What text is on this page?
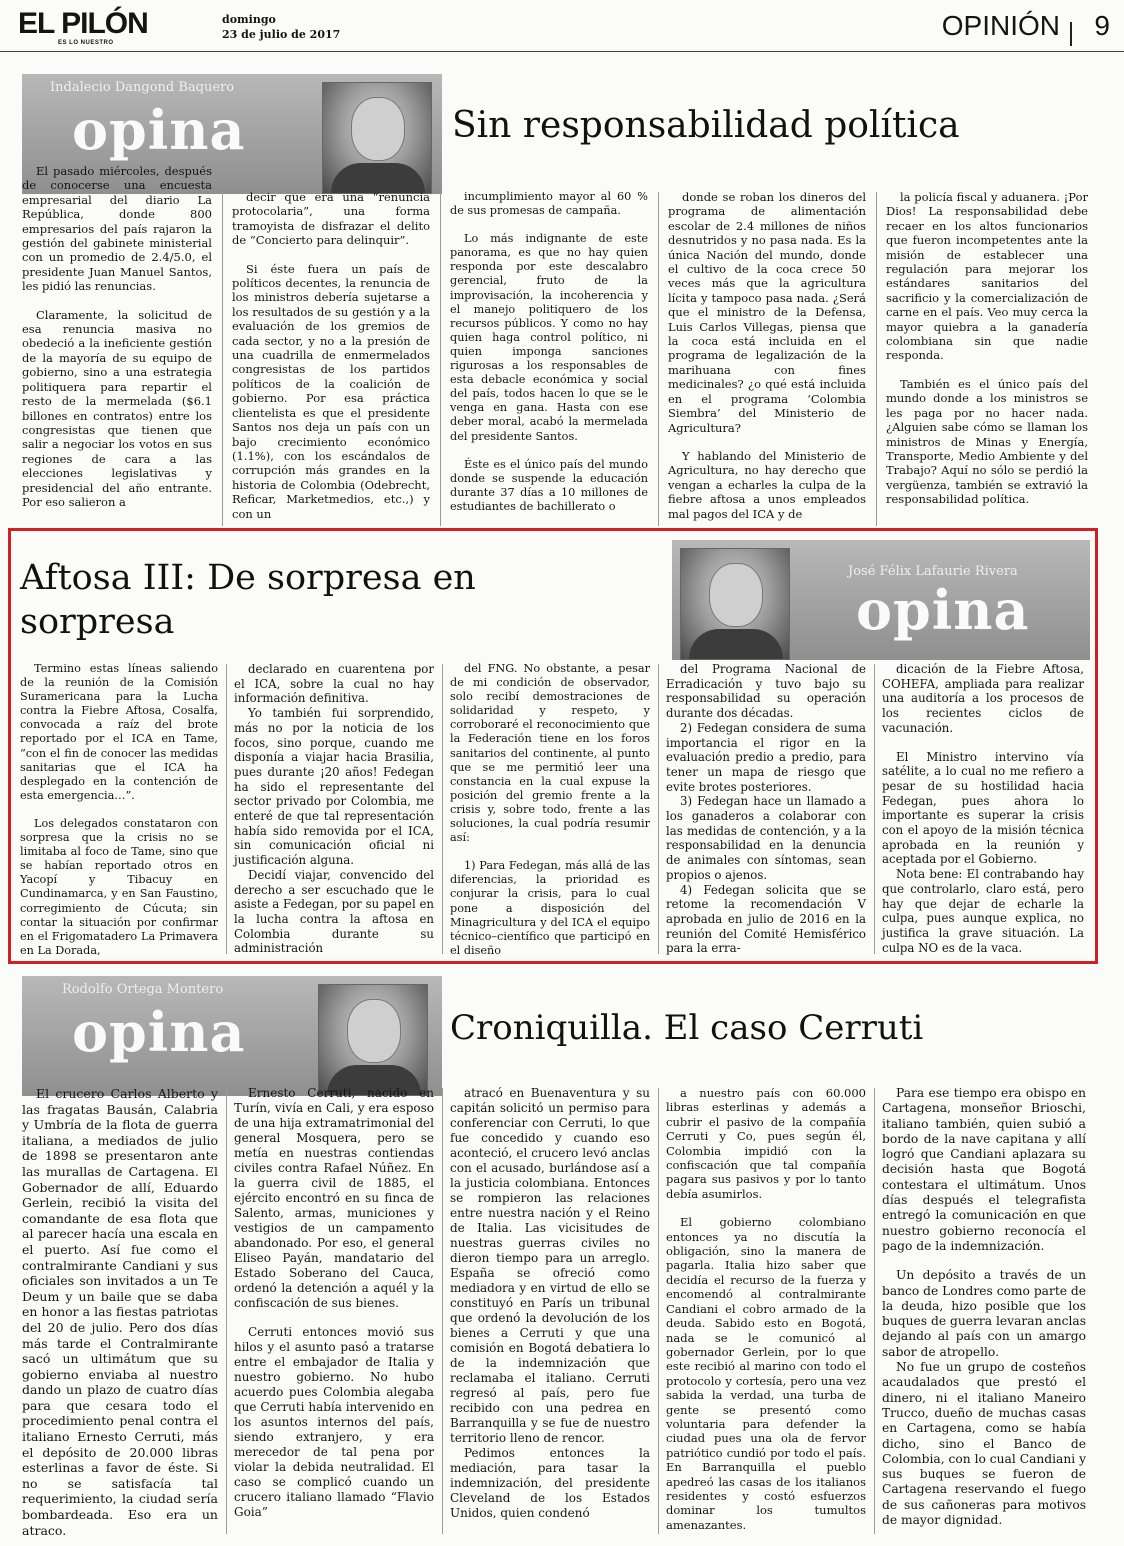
EL PILÓN
ES LO NUESTRO
domingo
23 de julio de 2017	OPINIÓN 9
Indalecio Dangond Baquero
opina	Sin responsabilidad política

El pasado miércoles, después de conocerse una encuesta empresarial del diario La República, donde 800 empresarios del país rajaron la gestión del gabinete ministerial con un promedio de 2.4/5.0, el presidente Juan Manuel Santos, les pidió las renuncias.

Claramente, la solicitud de esa renuncia masiva no obedeció a la ineficiente gestión de la mayoría de su equipo de gobierno, sino a una estrategia politiquera para repartir el resto de la mermelada ($6.1 billones en contratos) entre los congresistas que tienen que salir a negociar los votos en sus regiones de cara a las elecciones legislativas y presidencial del año entrante. Por eso salieron a

decir que era una “renuncia protocolaria”, una forma tramoyista de disfrazar el delito de “Concierto para delinquir”.

Si éste fuera un país de políticos decentes, la renuncia de los ministros debería sujetarse a los resultados de su gestión y a la evaluación de los gremios de cada sector, y no a la presión de una cuadrilla de enmermelados congresistas de los partidos políticos de la coalición de gobierno. Por esa práctica clientelista es que el presidente Santos nos deja un país con un bajo crecimiento económico (1.1%), con los escándalos de corrupción más grandes en la historia de Colombia (Odebrecht, Reficar, Marketmedios, etc.,) y con un

incumplimiento mayor al 60 % de sus promesas de campaña.

Lo más indignante de este panorama, es que no hay quien responda por este descalabro gerencial, fruto de la improvisación, la incoherencia y el manejo politiquero de los recursos públicos. Y como no hay quien haga control político, ni quien imponga sanciones rigurosas a los responsables de esta debacle económica y social del país, todos hacen lo que se le venga en gana. Hasta con ese deber moral, acabó la mermelada del presidente Santos.

Éste es el único país del mundo donde se suspende la educación durante 37 días a 10 millones de estudiantes de bachillerato o

donde se roban los dineros del programa de alimentación escolar de 2.4 millones de niños desnutridos y no pasa nada. Es la única Nación del mundo, donde el cultivo de la coca crece 50 veces más que la agricultura lícita y tampoco pasa nada. ¿Será que el ministro de la Defensa, Luis Carlos Villegas, piensa que la coca está incluida en el programa de legalización de la marihuana con fines medicinales? ¿o qué está incluida en el programa ‘Colombia Siembra’ del Ministerio de Agricultura?

Y hablando del Ministerio de Agricultura, no hay derecho que vengan a echarles la culpa de la fiebre aftosa a unos empleados mal pagos del ICA y de

la policía fiscal y aduanera. ¡Por Dios! La responsabilidad debe recaer en los altos funcionarios que fueron incompetentes ante la misión de establecer una regulación para mejorar los estándares sanitarios del sacrificio y la comercialización de carne en el país. Veo muy cerca la mayor quiebra a la ganadería colombiana sin que nadie responda.

También es el único país del mundo donde a los ministros se les paga por no hacer nada. ¿Alguien sabe cómo se llaman los ministros de Minas y Energía, Transporte, Medio Ambiente y del Trabajo? Aquí no sólo se perdió la vergüenza, también se extravió la responsabilidad política.

Aftosa III: De sorpresa en sorpresa
José Félix Lafaurie Rivera
opina

Termino estas líneas saliendo de la reunión de la Comisión Suramericana para la Lucha contra la Fiebre Aftosa, Cosalfa, convocada a raíz del brote reportado por el ICA en Tame, “con el fin de conocer las medidas sanitarias que el ICA ha desplegado en la contención de esta emergencia…”.

Los delegados constataron con sorpresa que la crisis no se limitaba al foco de Tame, sino que se habían reportado otros en Yacopí y Tibacuy en Cundinamarca, y en San Faustino, corregimiento de Cúcuta; sin contar la situación por confirmar en el Frigomatadero La Primavera en La Dorada,

declarado en cuarentena por el ICA, sobre la cual no hay información definitiva.

Yo también fui sorprendido, más no por la noticia de los focos, sino porque, cuando me disponía a viajar hacia Brasilia, pues durante ¡20 años! Fedegan ha sido el representante del sector privado por Colombia, me enteré de que tal representación había sido removida por el ICA, sin comunicación oficial ni justificación alguna.

Decidí viajar, convencido del derecho a ser escuchado que le asiste a Fedegan, por su papel en la lucha contra la aftosa en Colombia durante su administración

del FNG. No obstante, a pesar de mi condición de observador, solo recibí demostraciones de solidaridad y respeto, y corroboraré el reconocimiento que la Federación tiene en los foros sanitarios del continente, al punto que se me permitió leer una constancia en la cual expuse la posición del gremio frente a la crisis y, sobre todo, frente a las soluciones, la cual podría resumir así:

1) Para Fedegan, más allá de las diferencias, la prioridad es conjurar la crisis, para lo cual pone a disposición del Minagricultura y del ICA el equipo técnico–científico que participó en el diseño

del Programa Nacional de Erradicación y tuvo bajo su responsabilidad su operación durante dos décadas.

2) Fedegan considera de suma importancia el rigor en la evaluación predio a predio, para tener un mapa de riesgo que evite brotes posteriores.

3) Fedegan hace un llamado a los ganaderos a colaborar con las medidas de contención, y a la responsabilidad en la denuncia de animales con síntomas, sean propios o ajenos.

4) Fedegan solicita que se retome la recomendación V aprobada en julio de 2016 en la reunión del Comité Hemisférico para la erra-

dicación de la Fiebre Aftosa, COHEFA, ampliada para realizar una auditoría a los procesos de los recientes ciclos de vacunación.

El Ministro intervino vía satélite, a lo cual no me refiero a pesar de su hostilidad hacia Fedegan, pues ahora lo importante es superar la crisis con el apoyo de la misión técnica aprobada en la reunión y aceptada por el Gobierno.

Nota bene: El contrabando hay que controlarlo, claro está, pero hay que dejar de echarle la culpa, pues aunque explica, no justifica la grave situación. La culpa NO es de la vaca.

Rodolfo Ortega Montero
opina	Croniquilla. El caso Cerruti

El crucero Carlos Alberto y las fragatas Bausán, Calabria y Umbría de la flota de guerra italiana, a mediados de julio de 1898 se presentaron ante las murallas de Cartagena. El Gobernador de allí, Eduardo Gerlein, recibió la visita del comandante de esa flota que al parecer hacía una escala en el puerto. Así fue como el contralmirante Candiani y sus oficiales son invitados a un Te Deum y un baile que se daba en honor a las fiestas patriotas del 20 de julio. Pero dos días más tarde el Contralmirante sacó un ultimátum que su gobierno enviaba al nuestro dando un plazo de cuatro días para que cesara todo el procedimiento penal contra el italiano Ernesto Cerruti, más el depósito de 20.000 libras esterlinas a favor de éste. Si no se satisfacía tal requerimiento, la ciudad sería bombardeada. Eso era un atraco.

Ernesto Cerruti, nacido en Turín, vivía en Cali, y era esposo de una hija extramatrimonial del general Mosquera, pero se metía en nuestras contiendas civiles contra Rafael Núñez. En la guerra civil de 1885, el ejército encontró en su finca de Salento, armas, municiones y vestigios de un campamento abandonado. Por eso, el general Eliseo Payán, mandatario del Estado Soberano del Cauca, ordenó la detención a aquél y la confiscación de sus bienes.

Cerruti entonces movió sus hilos y el asunto pasó a tratarse entre el embajador de Italia y nuestro gobierno. No hubo acuerdo pues Colombia alegaba que Cerruti había intervenido en los asuntos internos del país, siendo extranjero, y era merecedor de tal pena por violar la debida neutralidad. El caso se complicó cuando un crucero italiano llamado “Flavio Goia”

atracó en Buenaventura y su capitán solicitó un permiso para conferenciar con Cerruti, lo que fue concedido y cuando eso aconteció, el crucero levó anclas con el acusado, burlándose así a la justicia colombiana. Entonces se rompieron las relaciones entre nuestra nación y el Reino de Italia. Las vicisitudes de nuestras guerras civiles no dieron tiempo para un arreglo. España se ofreció como mediadora y en virtud de ello se constituyó en París un tribunal que ordenó la devolución de los bienes a Cerruti y que una comisión en Bogotá debatiera lo de la indemnización que reclamaba el italiano. Cerruti regresó al país, pero fue recibido con una pedrea en Barranquilla y se fue de nuestro territorio lleno de rencor.

Pedimos entonces la mediación, para tasar la indemnización, del presidente Cleveland de los Estados Unidos, quien condenó

a nuestro país con 60.000 libras esterlinas y además a cubrir el pasivo de la compañía Cerruti y Co, pues según él, Colombia impidió con la confiscación que tal compañía pagara sus pasivos y por lo tanto debía asumirlos.

El gobierno colombiano entonces ya no discutía la obligación, sino la manera de pagarla. Italia hizo saber que decidía el recurso de la fuerza y encomendó al contralmirante Candiani el cobro armado de la deuda. Sabido esto en Bogotá, nada se le comunicó al gobernador Gerlein, por lo que este recibió al marino con todo el protocolo y cortesía, pero una vez sabida la verdad, una turba de gente se presentó como voluntaria para defender la ciudad pues una ola de fervor patriótico cundió por todo el país. En Barranquilla el pueblo apedreó las casas de los italianos residentes y costó esfuerzos dominar los tumultos amenazantes.

Para ese tiempo era obispo en Cartagena, monseñor Brioschi, italiano también, quien subió a bordo de la nave capitana y allí logró que Candiani aplazara su decisión hasta que Bogotá contestara el ultimátum. Unos días después el telegrafista entregó la comunicación en que nuestro gobierno reconocía el pago de la indemnización.

Un depósito a través de un banco de Londres como parte de la deuda, hizo posible que los buques de guerra levaran anclas dejando al país con un amargo sabor de atropello.

No fue un grupo de costeños acaudalados que prestó el dinero, ni el italiano Maneiro Trucco, dueño de muchas casas en Cartagena, como se había dicho, sino el Banco de Colombia, con lo cual Candiani y sus buques se fueron de Cartagena reservando el fuego de sus cañoneras para motivos de mayor dignidad.
